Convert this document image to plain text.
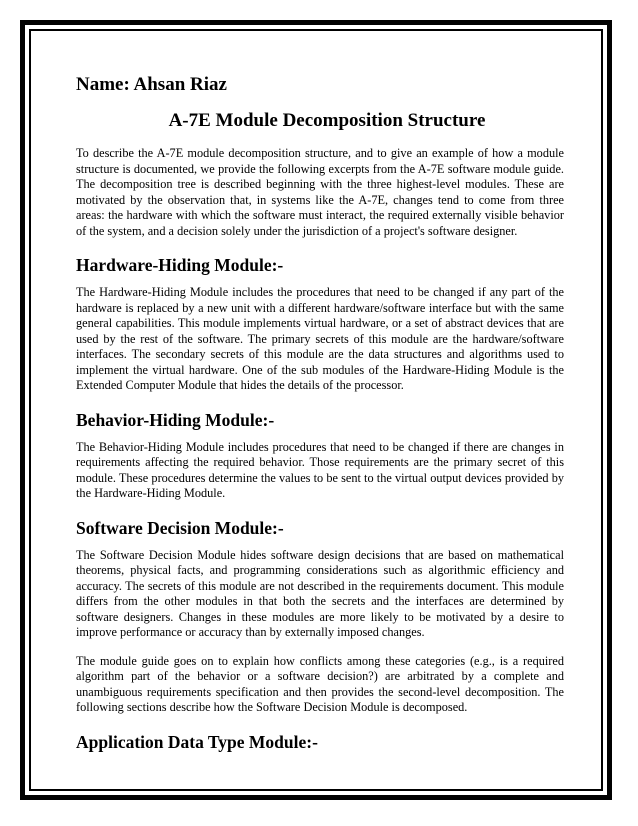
Name: Ahsan Riaz
A-7E Module Decomposition Structure

To describe the A-7E module decomposition structure, and to give an example of how a module structure is documented, we provide the following excerpts from the A-7E software module guide. The decomposition tree is described beginning with the three highest-level modules. These are motivated by the observation that, in systems like the A-7E, changes tend to come from three areas: the hardware with which the software must interact, the required externally visible behavior of the system, and a decision solely under the jurisdiction of a project's software designer.

Hardware-Hiding Module:-

The Hardware-Hiding Module includes the procedures that need to be changed if any part of the hardware is replaced by a new unit with a different hardware/software interface but with the same general capabilities. This module implements virtual hardware, or a set of abstract devices that are used by the rest of the software. The primary secrets of this module are the hardware/software interfaces. The secondary secrets of this module are the data structures and algorithms used to implement the virtual hardware. One of the sub modules of the Hardware-Hiding Module is the Extended Computer Module that hides the details of the processor.

Behavior-Hiding Module:-

The Behavior-Hiding Module includes procedures that need to be changed if there are changes in requirements affecting the required behavior. Those requirements are the primary secret of this module. These procedures determine the values to be sent to the virtual output devices provided by the Hardware-Hiding Module.

Software Decision Module:-

The Software Decision Module hides software design decisions that are based on mathematical theorems, physical facts, and programming considerations such as algorithmic efficiency and accuracy. The secrets of this module are not described in the requirements document. This module differs from the other modules in that both the secrets and the interfaces are determined by software designers. Changes in these modules are more likely to be motivated by a desire to improve performance or accuracy than by externally imposed changes.

The module guide goes on to explain how conflicts among these categories (e.g., is a required algorithm part of the behavior or a software decision?) are arbitrated by a complete and unambiguous requirements specification and then provides the second-level decomposition. The following sections describe how the Software Decision Module is decomposed.

Application Data Type Module:-
